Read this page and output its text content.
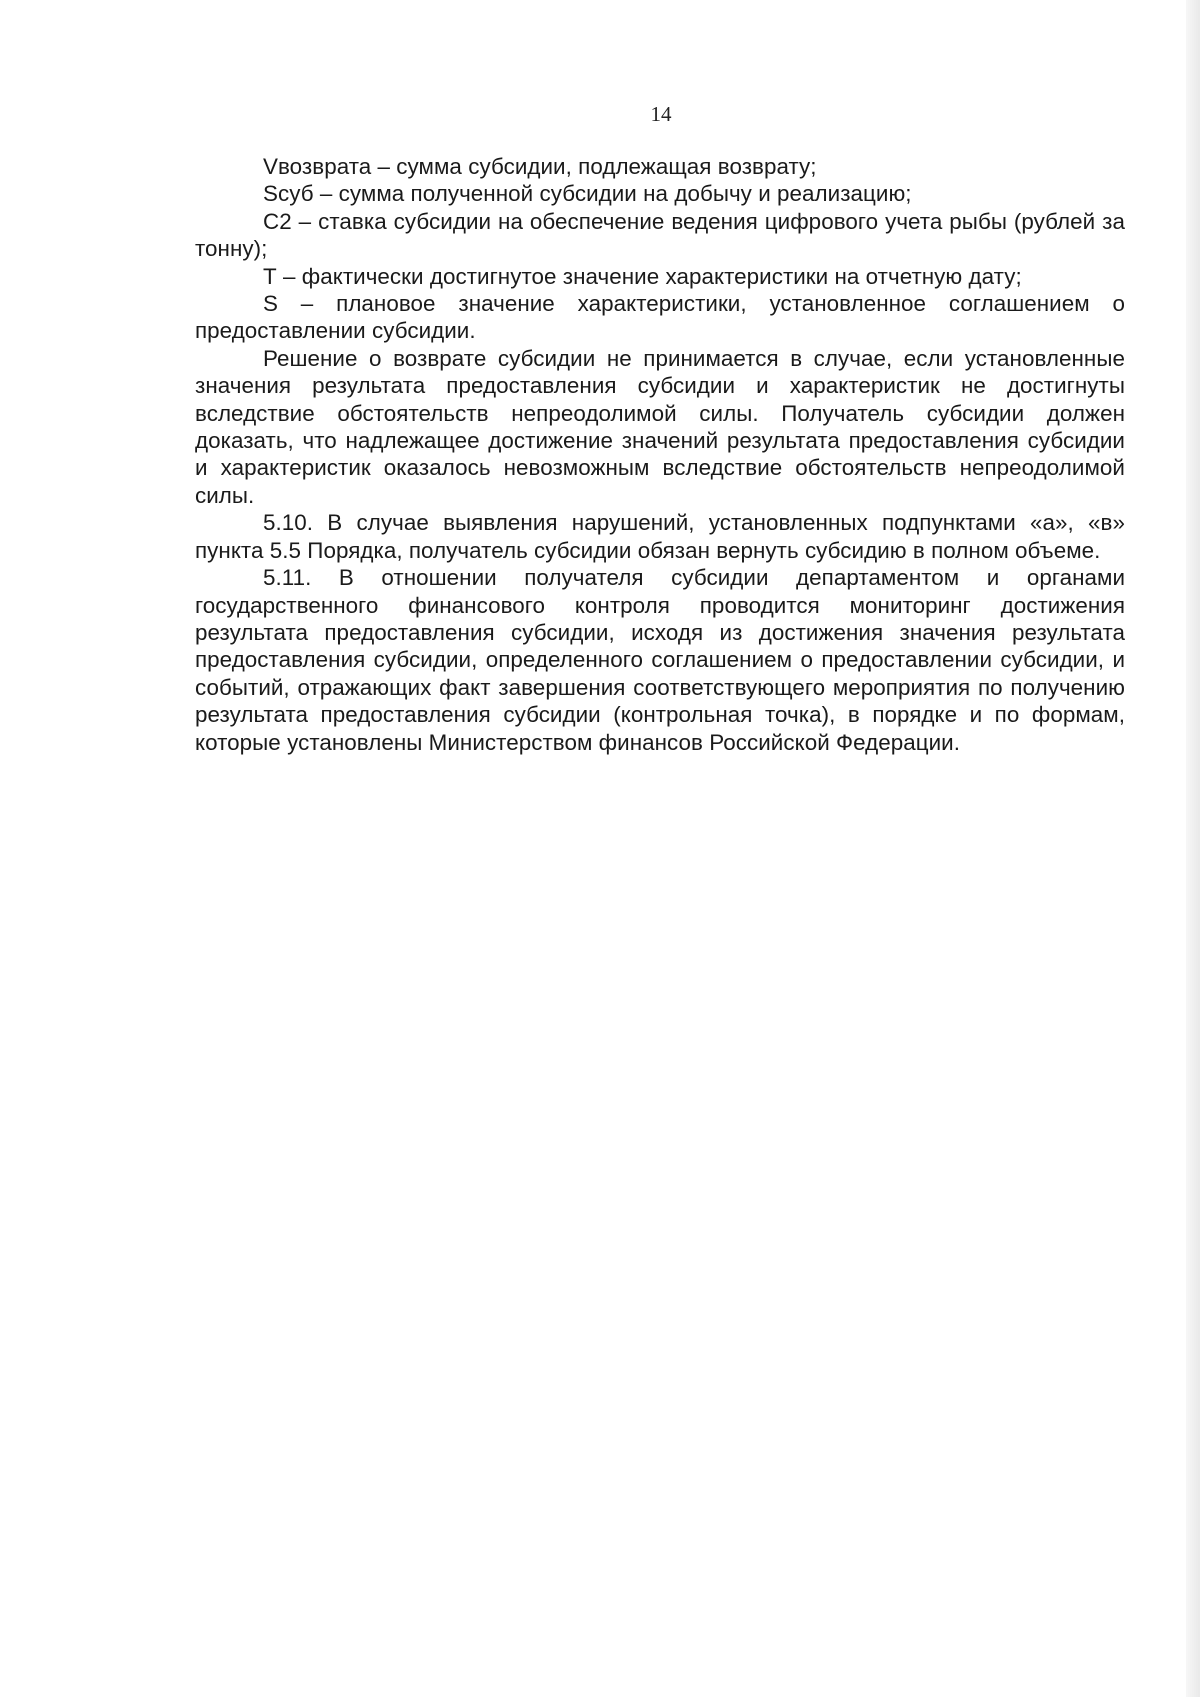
14

Vвозврата – сумма субсидии, подлежащая возврату;

Sсуб – сумма полученной субсидии на добычу и реализацию;

С2 – ставка субсидии на обеспечение ведения цифрового учета рыбы (рублей за тонну);

Т – фактически достигнутое значение характеристики на отчетную дату;

S – плановое значение характеристики, установленное соглашением о предоставлении субсидии.

Решение о возврате субсидии не принимается в случае, если установленные значения результата предоставления субсидии и характеристик не достигнуты вследствие обстоятельств непреодолимой силы. Получатель субсидии должен доказать, что надлежащее достижение значений результата предоставления субсидии и характеристик оказалось невозможным вследствие обстоятельств непреодолимой силы.

5.10. В случае выявления нарушений, установленных подпунктами «а», «в» пункта 5.5 Порядка, получатель субсидии обязан вернуть субсидию в полном объеме.

5.11. В отношении получателя субсидии департаментом и органами государственного финансового контроля проводится мониторинг достижения результата предоставления субсидии, исходя из достижения значения результата предоставления субсидии, определенного соглашением о предоставлении субсидии, и событий, отражающих факт завершения соответствующего мероприятия по получению результата предоставления субсидии (контрольная точка), в порядке и по формам, которые установлены Министерством финансов Российской Федерации.
